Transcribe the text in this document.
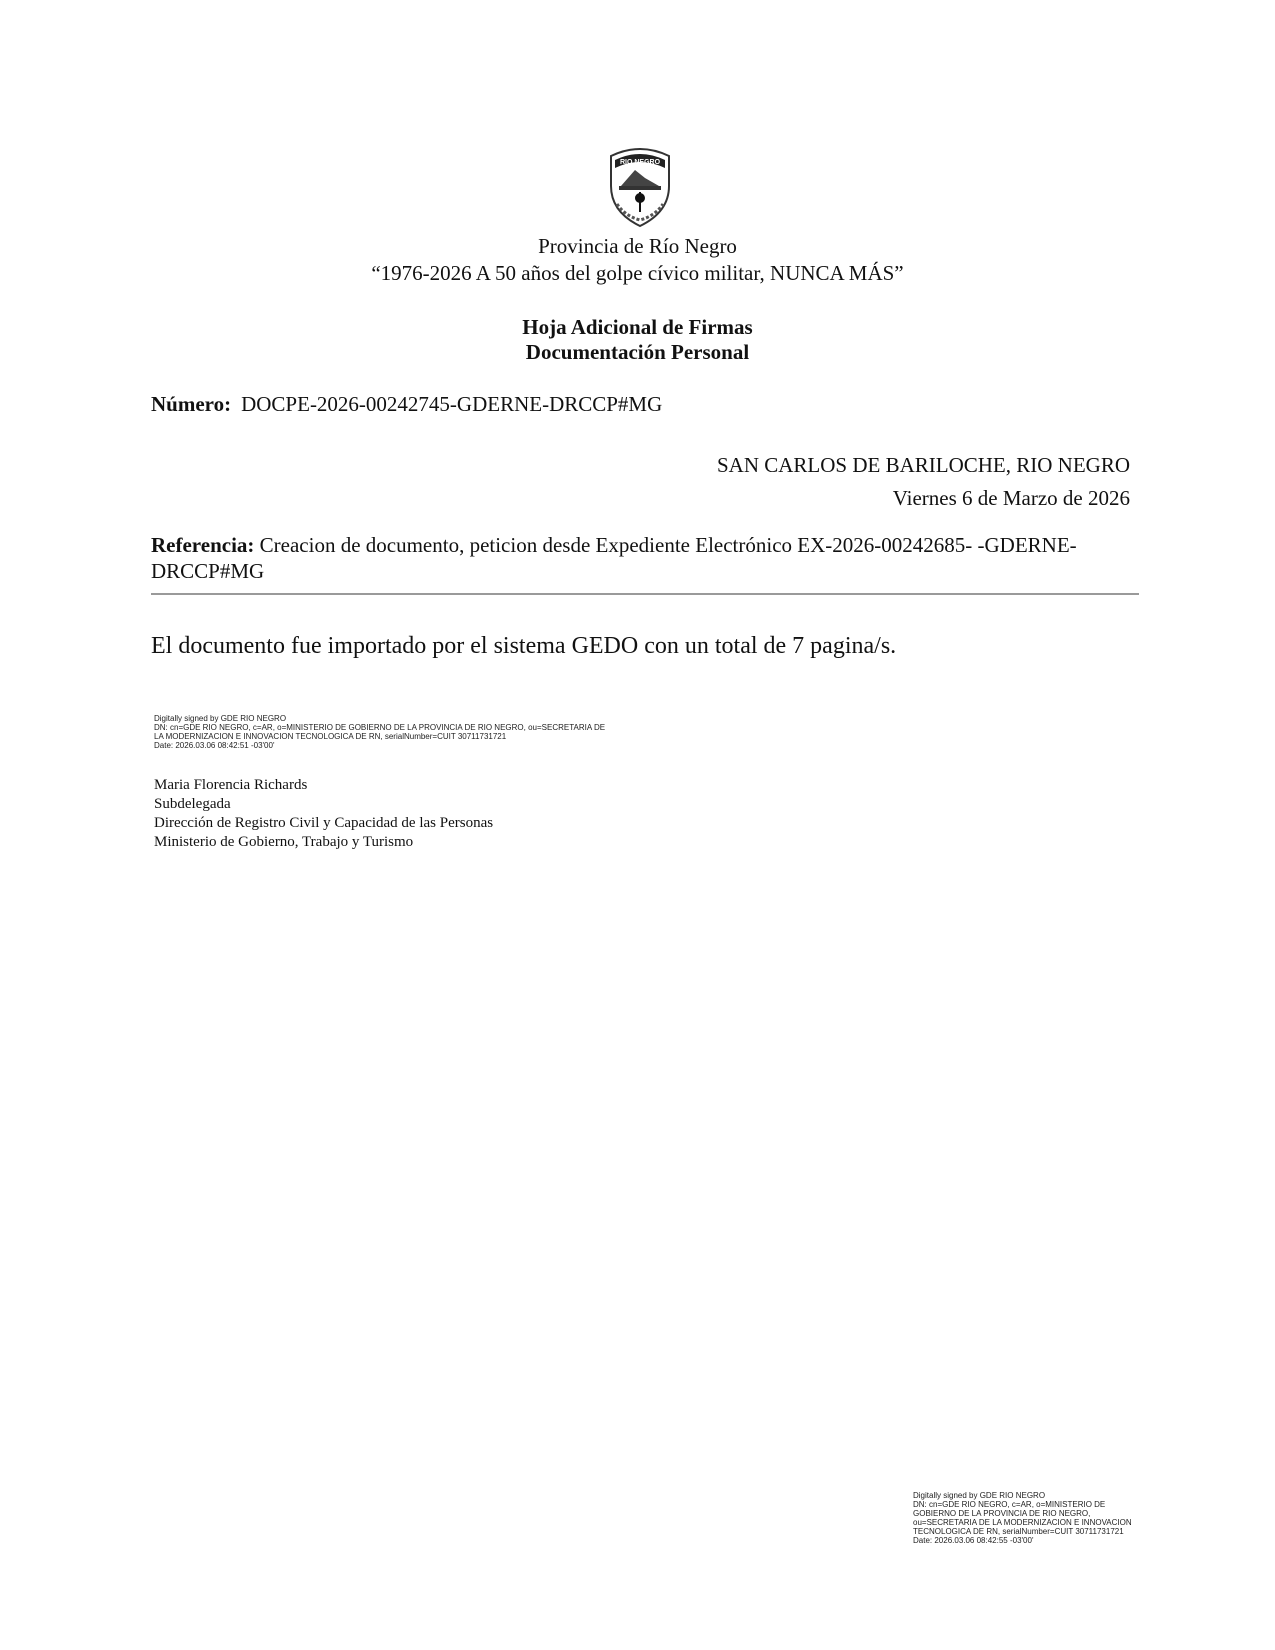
RIO NEGRO
Provincia de Río Negro
“1976-2026 A 50 años del golpe cívico militar, NUNCA MÁS”
Hoja Adicional de Firmas
Documentación Personal
Número: DOCPE-2026-00242745-GDERNE-DRCCP#MG
SAN CARLOS DE BARILOCHE, RIO NEGRO
Viernes 6 de Marzo de 2026
Referencia: Creacion de documento, peticion desde Expediente Electrónico EX-2026-00242685- -GDERNE-DRCCP#MG
El documento fue importado por el sistema GEDO con un total de 7 pagina/s.
Digitally signed by GDE RIO NEGRO
DN: cn=GDE RIO NEGRO, c=AR, o=MINISTERIO DE GOBIERNO DE LA PROVINCIA DE RIO NEGRO, ou=SECRETARIA DE
LA MODERNIZACION E INNOVACION TECNOLOGICA DE RN, serialNumber=CUIT 30711731721
Date: 2026.03.06 08:42:51 -03'00'
Maria Florencia Richards
Subdelegada
Dirección de Registro Civil y Capacidad de las Personas
Ministerio de Gobierno, Trabajo y Turismo
Digitally signed by GDE RIO NEGRO
DN: cn=GDE RIO NEGRO, c=AR, o=MINISTERIO DE
GOBIERNO DE LA PROVINCIA DE RIO NEGRO,
ou=SECRETARIA DE LA MODERNIZACION E INNOVACION
TECNOLOGICA DE RN, serialNumber=CUIT 30711731721
Date: 2026.03.06 08:42:55 -03'00'
